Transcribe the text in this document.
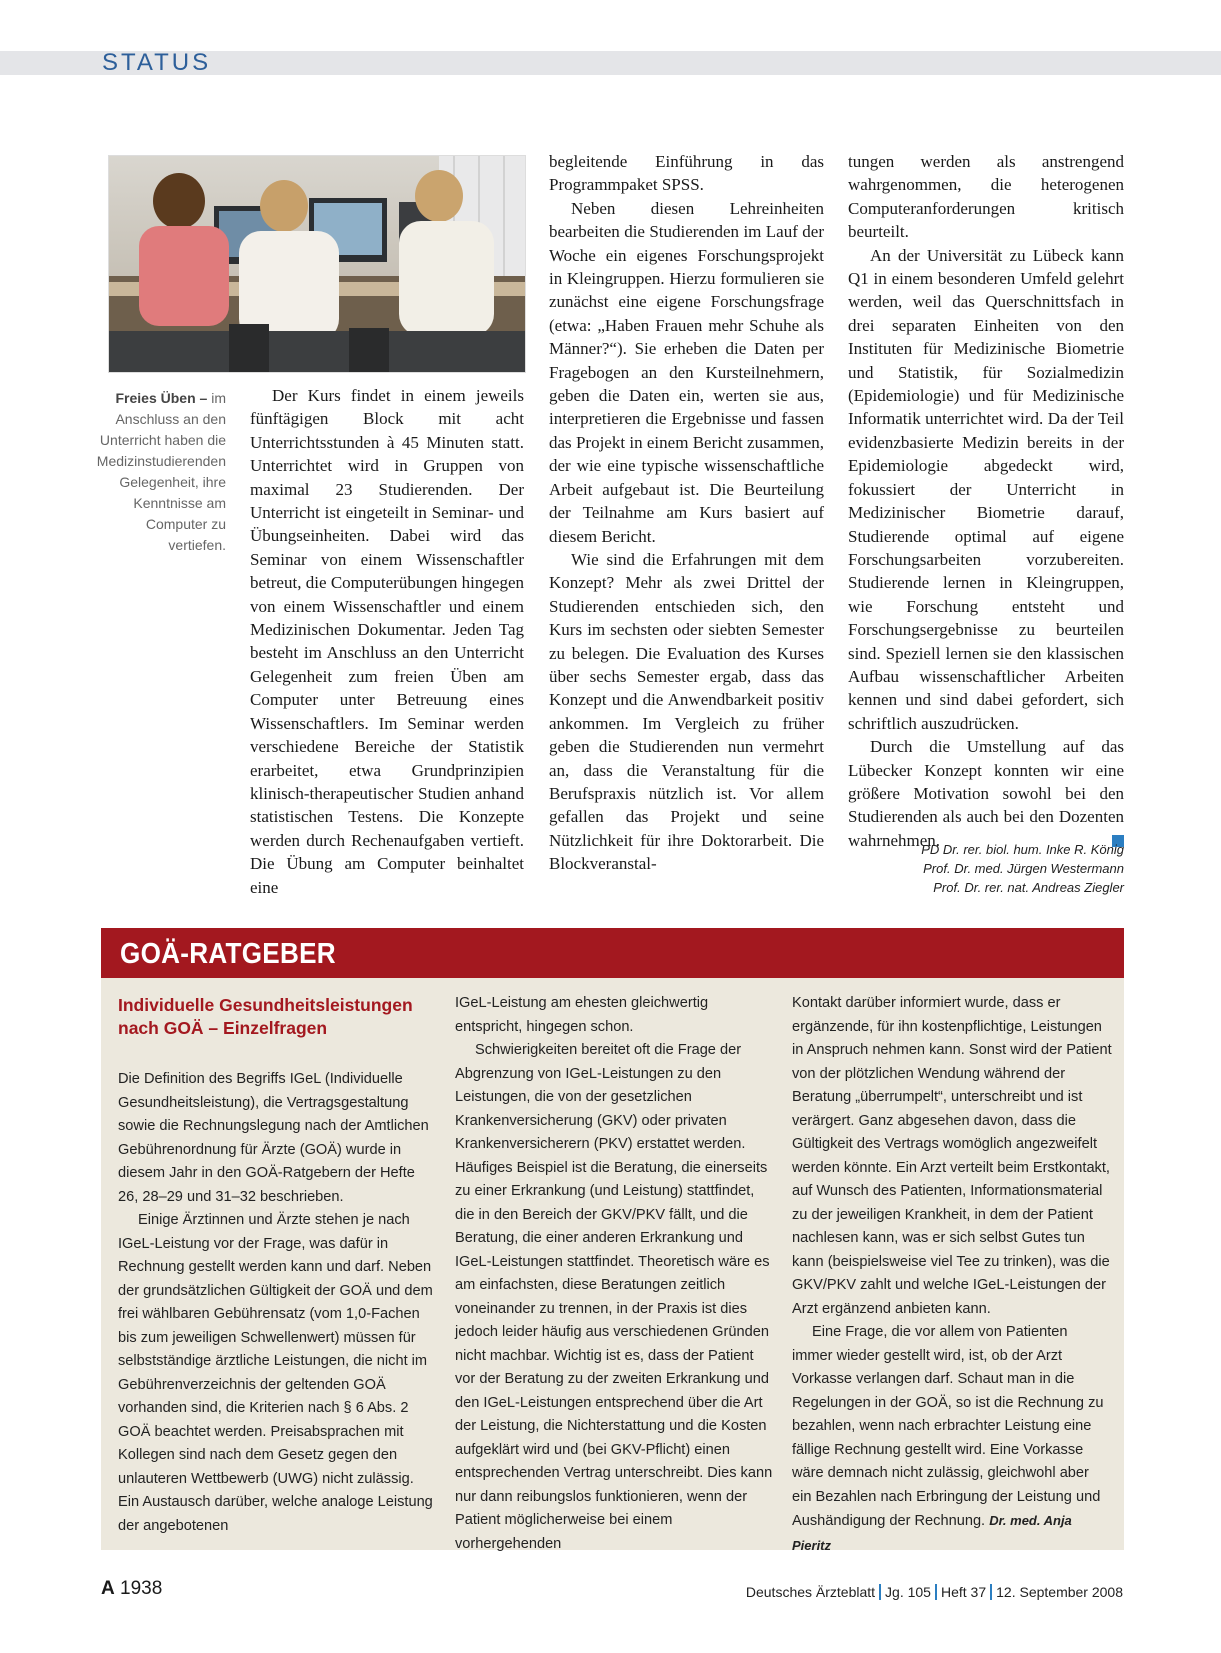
STATUS
Freies Üben – im Anschluss an den Unterricht haben die Medizinstudierenden Gelegenheit, ihre Kenntnisse am Computer zu vertiefen.

Der Kurs findet in einem jeweils fünftägigen Block mit acht Unterrichtsstunden à 45 Minuten statt. Unterrichtet wird in Gruppen von maximal 23 Studierenden. Der Unterricht ist eingeteilt in Seminar- und Übungseinheiten. Dabei wird das Seminar von einem Wissenschaftler betreut, die Computerübungen hingegen von einem Wissenschaftler und einem Medizinischen Dokumentar. Jeden Tag besteht im Anschluss an den Unterricht Gelegenheit zum freien Üben am Computer unter Betreuung eines Wissenschaftlers. Im Seminar werden verschiedene Bereiche der Statistik erarbeitet, etwa Grundprinzipien klinisch-therapeutischer Studien anhand statistischen Testens. Die Konzepte werden durch Rechenaufgaben vertieft. Die Übung am Computer beinhaltet eine

begleitende Einführung in das Programmpaket SPSS.

Neben diesen Lehreinheiten bearbeiten die Studierenden im Lauf der Woche ein eigenes Forschungsprojekt in Kleingruppen. Hierzu formulieren sie zunächst eine eigene Forschungsfrage (etwa: „Haben Frauen mehr Schuhe als Männer?“). Sie erheben die Daten per Fragebogen an den Kursteilnehmern, geben die Daten ein, werten sie aus, interpretieren die Ergebnisse und fassen das Projekt in einem Bericht zusammen, der wie eine typische wissenschaftliche Arbeit aufgebaut ist. Die Beurteilung der Teilnahme am Kurs basiert auf diesem Bericht.

Wie sind die Erfahrungen mit dem Konzept? Mehr als zwei Drittel der Studierenden entschieden sich, den Kurs im sechsten oder siebten Semester zu belegen. Die Evaluation des Kurses über sechs Semester ergab, dass das Konzept und die Anwendbarkeit positiv ankommen. Im Vergleich zu früher geben die Studierenden nun vermehrt an, dass die Veranstaltung für die Berufspraxis nützlich ist. Vor allem gefallen das Projekt und seine Nützlichkeit für ihre Doktorarbeit. Die Blockveranstal-

tungen werden als anstrengend wahrgenommen, die heterogenen Computeranforderungen kritisch beurteilt.

An der Universität zu Lübeck kann Q1 in einem besonderen Umfeld gelehrt werden, weil das Querschnittsfach in drei separaten Einheiten von den Instituten für Medizinische Biometrie und Statistik, für Sozialmedizin (Epidemiologie) und für Medizinische Informatik unterrichtet wird. Da der Teil evidenzbasierte Medizin bereits in der Epidemiologie abgedeckt wird, fokussiert der Unterricht in Medizinischer Biometrie darauf, Studierende optimal auf eigene Forschungsarbeiten vorzubereiten. Studierende lernen in Kleingruppen, wie Forschung entsteht und Forschungsergebnisse zu beurteilen sind. Speziell lernen sie den klassischen Aufbau wissenschaftlicher Arbeiten kennen und sind dabei gefordert, sich schriftlich auszudrücken.

Durch die Umstellung auf das Lübecker Konzept konnten wir eine größere Motivation sowohl bei den Studierenden als auch bei den Dozenten wahrnehmen.

PD Dr. rer. biol. hum. Inke R. König
Prof. Dr. med. Jürgen Westermann
Prof. Dr. rer. nat. Andreas Ziegler
GOÄ-RATGEBER
Individuelle Gesundheitsleistungen nach GOÄ – Einzelfragen

Die Definition des Begriffs IGeL (Individuelle Gesundheitsleistung), die Vertragsgestaltung sowie die Rechnungslegung nach der Amtlichen Gebührenordnung für Ärzte (GOÄ) wurde in diesem Jahr in den GOÄ-Ratgebern der Hefte 26, 28–29 und 31–32 beschrieben.

Einige Ärztinnen und Ärzte stehen je nach IGeL-Leistung vor der Frage, was dafür in Rechnung gestellt werden kann und darf. Neben der grundsätzlichen Gültigkeit der GOÄ und dem frei wählbaren Gebührensatz (vom 1,0-Fachen bis zum jeweiligen Schwellenwert) müssen für selbstständige ärztliche Leistungen, die nicht im Gebührenverzeichnis der geltenden GOÄ vorhanden sind, die Kriterien nach § 6 Abs. 2 GOÄ beachtet werden. Preisabsprachen mit Kollegen sind nach dem Gesetz gegen den unlauteren Wettbewerb (UWG) nicht zulässig. Ein Austausch darüber, welche analoge Leistung der angebotenen

IGeL-Leistung am ehesten gleichwertig entspricht, hingegen schon.

Schwierigkeiten bereitet oft die Frage der Abgrenzung von IGeL-Leistungen zu den Leistungen, die von der gesetzlichen Krankenversicherung (GKV) oder privaten Krankenversicherern (PKV) erstattet werden. Häufiges Beispiel ist die Beratung, die einerseits zu einer Erkrankung (und Leistung) stattfindet, die in den Bereich der GKV/PKV fällt, und die Beratung, die einer anderen Erkrankung und IGeL-Leistungen stattfindet. Theoretisch wäre es am einfachsten, diese Beratungen zeitlich voneinander zu trennen, in der Praxis ist dies jedoch leider häufig aus verschiedenen Gründen nicht machbar. Wichtig ist es, dass der Patient vor der Beratung zu der zweiten Erkrankung und den IGeL-Leistungen entsprechend über die Art der Leistung, die Nichterstattung und die Kosten aufgeklärt wird und (bei GKV-Pflicht) einen entsprechenden Vertrag unterschreibt. Dies kann nur dann reibungslos funktionieren, wenn der Patient möglicherweise bei einem vorhergehenden

Kontakt darüber informiert wurde, dass er ergänzende, für ihn kostenpflichtige, Leistungen in Anspruch nehmen kann. Sonst wird der Patient von der plötzlichen Wendung während der Beratung „überrumpelt“, unterschreibt und ist verärgert. Ganz abgesehen davon, dass die Gültigkeit des Vertrags womöglich angezweifelt werden könnte. Ein Arzt verteilt beim Erstkontakt, auf Wunsch des Patienten, Informationsmaterial zu der jeweiligen Krankheit, in dem der Patient nachlesen kann, was er sich selbst Gutes tun kann (beispielsweise viel Tee zu trinken), was die GKV/PKV zahlt und welche IGeL-Leistungen der Arzt ergänzend anbieten kann.

Eine Frage, die vor allem von Patienten immer wieder gestellt wird, ist, ob der Arzt Vorkasse verlangen darf. Schaut man in die Regelungen in der GOÄ, so ist die Rechnung zu bezahlen, wenn nach erbrachter Leistung eine fällige Rechnung gestellt wird. Eine Vorkasse wäre demnach nicht zulässig, gleichwohl aber ein Bezahlen nach Erbringung der Leistung und Aushändigung der Rechnung. Dr. med. Anja Pieritz

A 1938	Deutsches Ärzteblatt Jg. 105 Heft 37 12. September 2008
